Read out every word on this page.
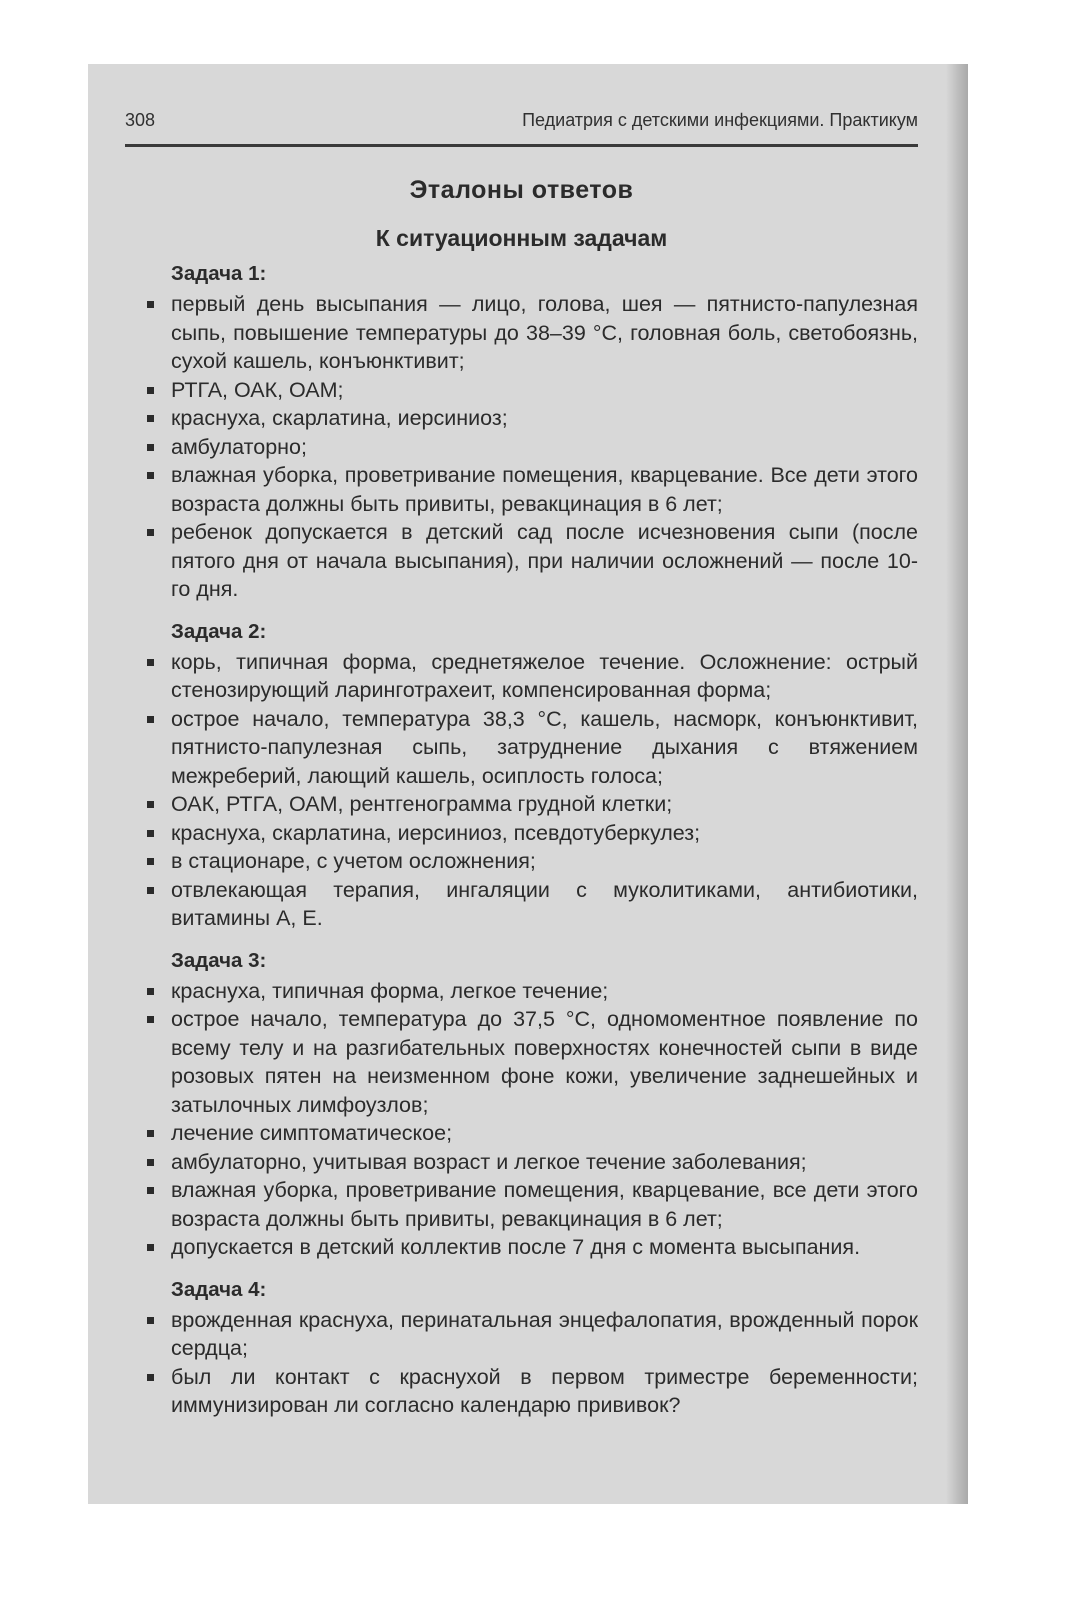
308	Педиатрия с детскими инфекциями. Практикум
Эталоны ответов
К ситуационным задачам
Задача 1:
первый день высыпания — лицо, голова, шея — пятнисто-папулезная сыпь, повышение температуры до 38–39 °С, головная боль, светобоязнь, сухой кашель, конъюнктивит;
РТГА, ОАК, ОАМ;
краснуха, скарлатина, иерсиниоз;
амбулаторно;
влажная уборка, проветривание помещения, кварцевание. Все дети этого возраста должны быть привиты, ревакцинация в 6 лет;
ребенок допускается в детский сад после исчезновения сыпи (после пятого дня от начала высыпания), при наличии осложнений — после 10-го дня.
Задача 2:
корь, типичная форма, среднетяжелое течение. Осложнение: острый стенозирующий ларинготрахеит, компенсированная форма;
острое начало, температура 38,3 °С, кашель, насморк, конъюнктивит, пятнисто-папулезная сыпь, затруднение дыхания с втяжением межреберий, лающий кашель, осиплость голоса;
ОАК, РТГА, ОАМ, рентгенограмма грудной клетки;
краснуха, скарлатина, иерсиниоз, псевдотуберкулез;
в стационаре, с учетом осложнения;
отвлекающая терапия, ингаляции с муколитиками, антибиотики, витамины А, Е.
Задача 3:
краснуха, типичная форма, легкое течение;
острое начало, температура до 37,5 °С, одномоментное появление по всему телу и на разгибательных поверхностях конечностей сыпи в виде розовых пятен на неизменном фоне кожи, увеличение заднешейных и затылочных лимфоузлов;
лечение симптоматическое;
амбулаторно, учитывая возраст и легкое течение заболевания;
влажная уборка, проветривание помещения, кварцевание, все дети этого возраста должны быть привиты, ревакцинация в 6 лет;
допускается в детский коллектив после 7 дня с момента высыпания.
Задача 4:
врожденная краснуха, перинатальная энцефалопатия, врожденный порок сердца;
был ли контакт с краснухой в первом триместре беременности; иммунизирован ли согласно календарю прививок?
